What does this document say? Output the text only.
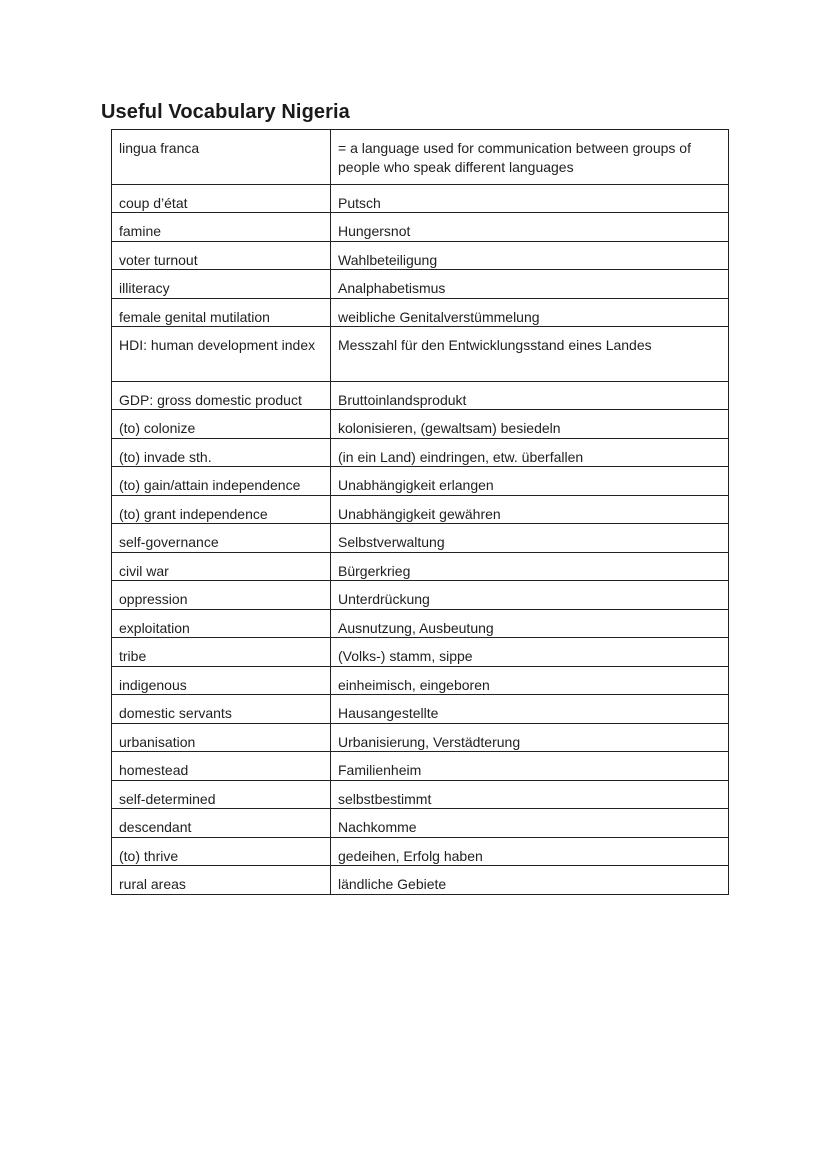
Useful Vocabulary Nigeria
lingua franca	= a language used for communication between groups of people who speak different languages
coup d’état	Putsch
famine	Hungersnot
voter turnout	Wahlbeteiligung
illiteracy	Analphabetismus
female genital mutilation	weibliche Genitalverstümmelung
HDI: human development index	Messzahl für den Entwicklungsstand eines Landes
GDP: gross domestic product	Bruttoinlandsprodukt
(to) colonize	kolonisieren, (gewaltsam) besiedeln
(to) invade sth.	(in ein Land) eindringen, etw. überfallen
(to) gain/attain independence	Unabhängigkeit erlangen
(to) grant independence	Unabhängigkeit gewähren
self-governance	Selbstverwaltung
civil war	Bürgerkrieg
oppression	Unterdrückung
exploitation	Ausnutzung, Ausbeutung
tribe	(Volks-) stamm, sippe
indigenous	einheimisch, eingeboren
domestic servants	Hausangestellte
urbanisation	Urbanisierung, Verstädterung
homestead	Familienheim
self-determined	selbstbestimmt
descendant	Nachkomme
(to) thrive	gedeihen, Erfolg haben
rural areas	ländliche Gebiete
